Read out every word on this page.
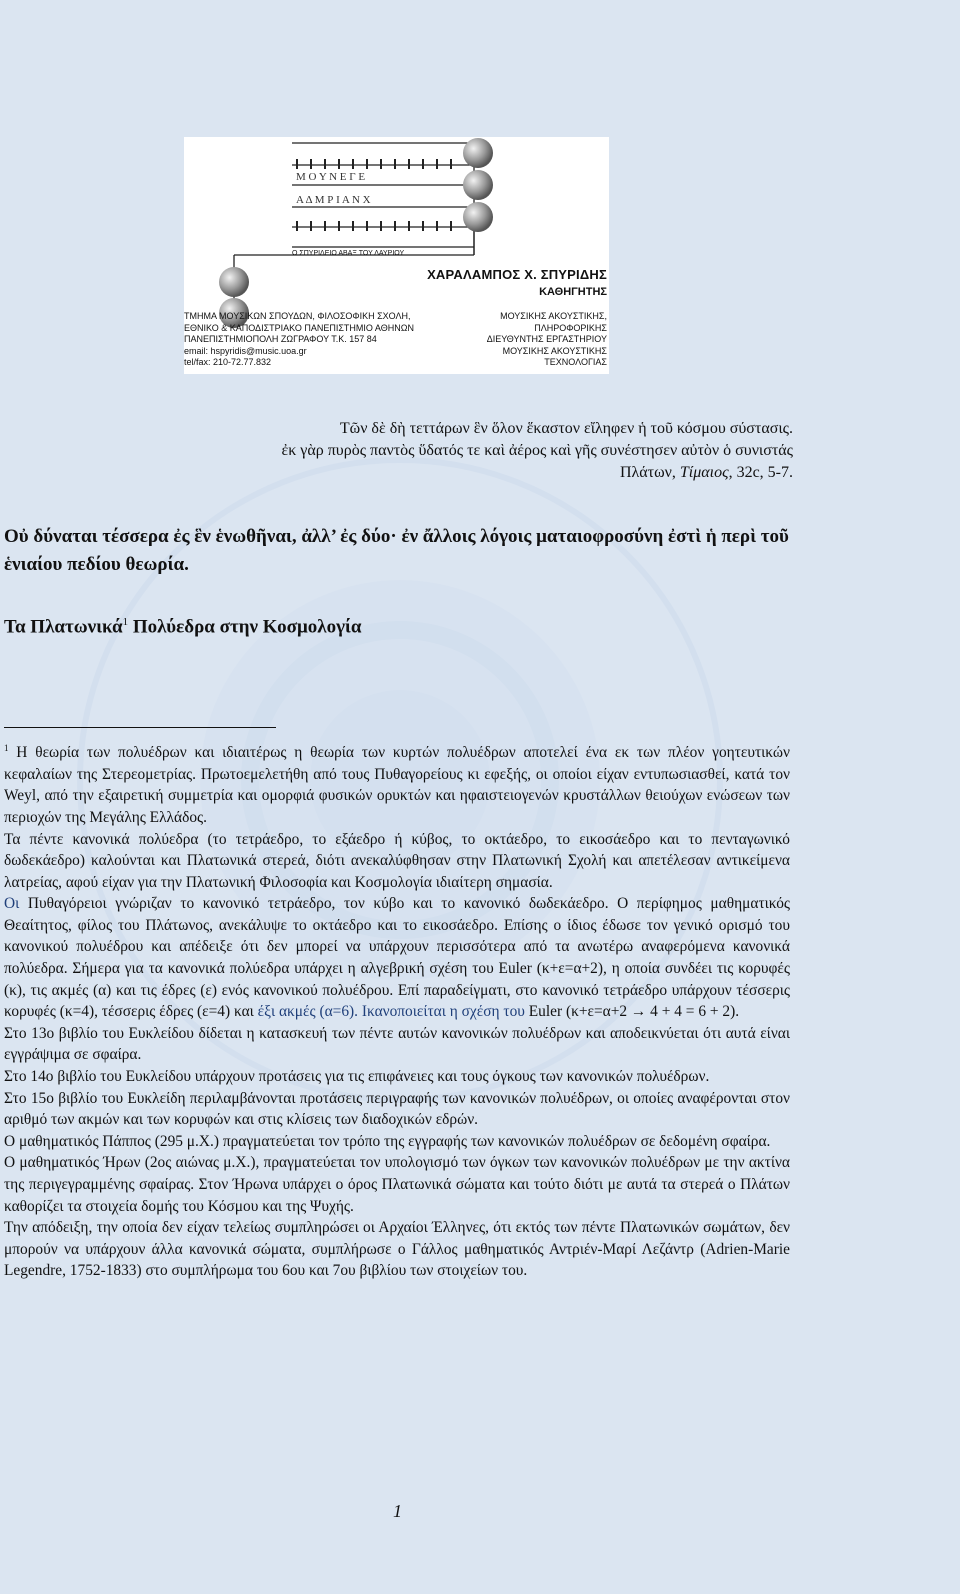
Μ Ο Υ Ν Ε Γ Ε
Α Δ Μ Ρ Ι Α Ν Χ
Ο ΣΠΥΡΙΔΕΙΟ ΑΒΑΞ ΤΟΥ ΛΑΥΡΙΟΥ
ΧΑΡΑΛΑΜΠΟΣ Χ. ΣΠΥΡΙΔΗΣ
ΚΑΘΗΓΗΤΗΣ
ΤΜΗΜΑ ΜΟΥΣΙΚΩΝ ΣΠΟΥΔΩΝ, ΦΙΛΟΣΟΦΙΚΗ ΣΧΟΛΗ,
ΕΘΝΙΚΟ & ΚΑΠΟΔΙΣΤΡΙΑΚΟ ΠΑΝΕΠΙΣΤΗΜΙΟ ΑΘΗΝΩΝ
ΠΑΝΕΠΙΣΤΗΜΙΟΠΟΛΗ ΖΩΓΡΑΦΟΥ Τ.Κ. 157 84
email: hspyridis@music.uoa.gr
tel/fax: 210-72.77.832
ΜΟΥΣΙΚΗΣ ΑΚΟΥΣΤΙΚΗΣ,
ΠΛΗΡΟΦΟΡΙΚΗΣ
ΔΙΕΥΘΥΝΤΗΣ ΕΡΓΑΣΤΗΡΙΟΥ
ΜΟΥΣΙΚΗΣ ΑΚΟΥΣΤΙΚΗΣ
ΤΕΧΝΟΛΟΓΙΑΣ
Τῶν δὲ δὴ τεττάρων ἓν ὅλον ἕκαστον εἴληφεν ἡ τοῦ κόσμου σύστασις.
ἐκ γὰρ πυρὸς παντὸς ὕδατός τε καὶ ἀέρος καὶ γῆς συνέστησεν αὐτὸν ὁ συνιστάς
Πλάτων, Τίμαιος, 32c, 5-7.
Οὐ δύναται τέσσερα ἐς ἓν ἑνωθῆναι, ἀλλ’ ἐς δύο· ἐν ἄλλοις λόγοις ματαιοφροσύνη ἐστὶ ἡ περὶ τοῦ ἑνιαίου πεδίου θεωρία.
Τα Πλατωνικά$^1$ Πολύεδρα στην Κοσμολογία

$^1$ Η θεωρία των πολυέδρων και ιδιαιτέρως η θεωρία των κυρτών πολυέδρων αποτελεί ένα εκ των πλέον γοητευτικών κεφαλαίων της Στερεομετρίας. Πρωτοεμελετήθη από τους Πυθαγορείους κι εφεξής, οι οποίοι είχαν εντυπωσιασθεί, κατά τον Weyl, από την εξαιρετική συμμετρία και ομορφιά φυσικών ορυκτών και ηφαιστειογενών κρυστάλλων θειούχων ενώσεων των περιοχών της Μεγάλης Ελλάδος.

Τα πέντε κανονικά πολύεδρα (το τετράεδρο, το εξάεδρο ή κύβος, το οκτάεδρο, το εικοσάεδρο και το πενταγωνικό δωδεκάεδρο) καλούνται και Πλατωνικά στερεά, διότι ανεκαλύφθησαν στην Πλατωνική Σχολή και απετέλεσαν αντικείμενα λατρείας, αφού είχαν για την Πλατωνική Φιλοσοφία και Κοσμολογία ιδιαίτερη σημασία.

Οι Πυθαγόρειοι γνώριζαν το κανονικό τετράεδρο, τον κύβο και το κανονικό δωδεκάεδρο. Ο περίφημος μαθηματικός Θεαίτητος, φίλος του Πλάτωνος, ανεκάλυψε το οκτάεδρο και το εικοσάεδρο. Επίσης ο ίδιος έδωσε τον γενικό ορισμό του κανονικού πολυέδρου και απέδειξε ότι δεν μπορεί να υπάρχουν περισσότερα από τα ανωτέρω αναφερόμενα κανονικά πολύεδρα. Σήμερα για τα κανονικά πολύεδρα υπάρχει η αλγεβρική σχέση του Euler (κ+ε=α+2), η οποία συνδέει τις κορυφές (κ), τις ακμές (α) και τις έδρες (ε) ενός κανονικού πολυέδρου. Επί παραδείγματι, στο κανονικό τετράεδρο υπάρχουν τέσσερις κορυφές (κ=4), τέσσερις έδρες (ε=4) και έξι ακμές (α=6). Ικανοποιείται η σχέση του Euler (κ+ε=α+2 → 4 + 4 = 6 + 2).

Στο 13ο βιβλίο του Ευκλείδου δίδεται η κατασκευή των πέντε αυτών κανονικών πολυέδρων και αποδεικνύεται ότι αυτά είναι εγγράψιμα σε σφαίρα.

Στο 14ο βιβλίο του Ευκλείδου υπάρχουν προτάσεις για τις επιφάνειες και τους όγκους των κανονικών πολυέδρων.

Στο 15ο βιβλίο του Ευκλείδη περιλαμβάνονται προτάσεις περιγραφής των κανονικών πολυέδρων, οι οποίες αναφέρονται στον αριθμό των ακμών και των κορυφών και στις κλίσεις των διαδοχικών εδρών.

Ο μαθηματικός Πάππος (295 μ.Χ.) πραγματεύεται τον τρόπο της εγγραφής των κανονικών πολυέδρων σε δεδομένη σφαίρα.

Ο μαθηματικός Ήρων (2ος αιώνας μ.Χ.), πραγματεύεται τον υπολογισμό των όγκων των κανονικών πολυέδρων με την ακτίνα της περιγεγραμμένης σφαίρας. Στον Ήρωνα υπάρχει ο όρος Πλατωνικά σώματα και τούτο διότι με αυτά τα στερεά ο Πλάτων καθορίζει τα στοιχεία δομής του Κόσμου και της Ψυχής.

Την απόδειξη, την οποία δεν είχαν τελείως συμπληρώσει οι Αρχαίοι Έλληνες, ότι εκτός των πέντε Πλατωνικών σωμάτων, δεν μπορούν να υπάρχουν άλλα κανονικά σώματα, συμπλήρωσε ο Γάλλος μαθηματικός Αντριέν-Μαρί Λεζάντρ (Adrien-Marie Legendre, 1752-1833) στο συμπλήρωμα του 6ου και 7ου βιβλίου των στοιχείων του.

1
